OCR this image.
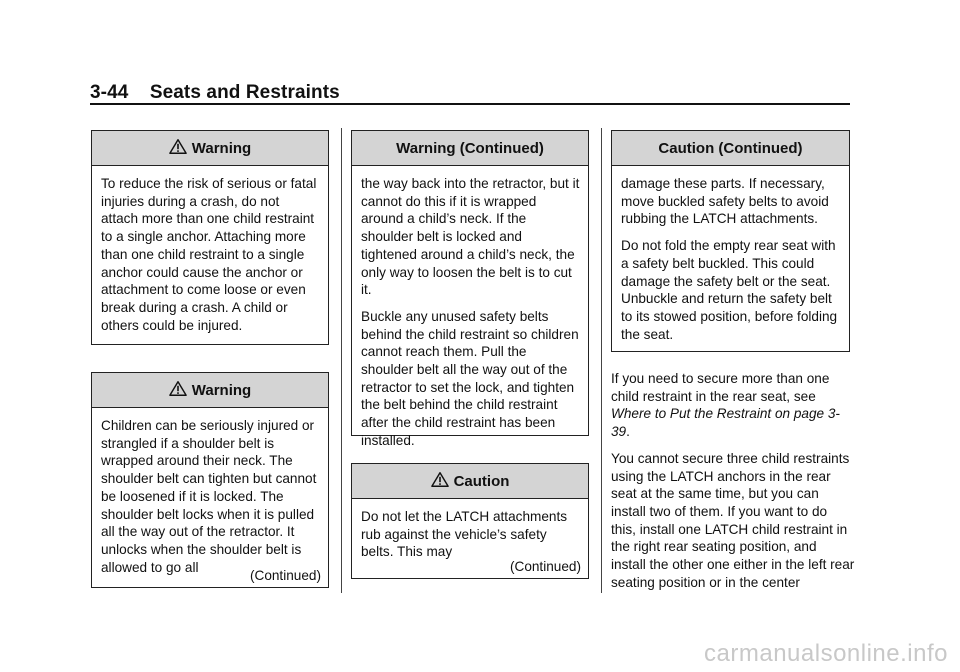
3-44 Seats and Restraints
Warning

To reduce the risk of serious or fatal injuries during a crash, do not attach more than one child restraint to a single anchor. Attaching more than one child restraint to a single anchor could cause the anchor or attachment to come loose or even break during a crash. A child or others could be injured.

Warning

Children can be seriously injured or strangled if a shoulder belt is wrapped around their neck. The shoulder belt can tighten but cannot be loosened if it is locked. The shoulder belt locks when it is pulled all the way out of the retractor. It unlocks when the shoulder belt is allowed to go all

(Continued)
Warning (Continued)

the way back into the retractor, but it cannot do this if it is wrapped around a child’s neck. If the shoulder belt is locked and tightened around a child’s neck, the only way to loosen the belt is to cut it.

Buckle any unused safety belts behind the child restraint so children cannot reach them. Pull the shoulder belt all the way out of the retractor to set the lock, and tighten the belt behind the child restraint after the child restraint has been installed.

Caution

Do not let the LATCH attachments rub against the vehicle’s safety belts. This may

(Continued)
Caution (Continued)

damage these parts. If necessary, move buckled safety belts to avoid rubbing the LATCH attachments.

Do not fold the empty rear seat with a safety belt buckled. This could damage the safety belt or the seat. Unbuckle and return the safety belt to its stowed position, before folding the seat.

If you need to secure more than one child restraint in the rear seat, see Where to Put the Restraint on page 3-39.

You cannot secure three child restraints using the LATCH anchors in the rear seat at the same time, but you can install two of them. If you want to do this, install one LATCH child restraint in the right rear seating position, and install the other one either in the left rear seating position or in the center

carmanualsonline.info
